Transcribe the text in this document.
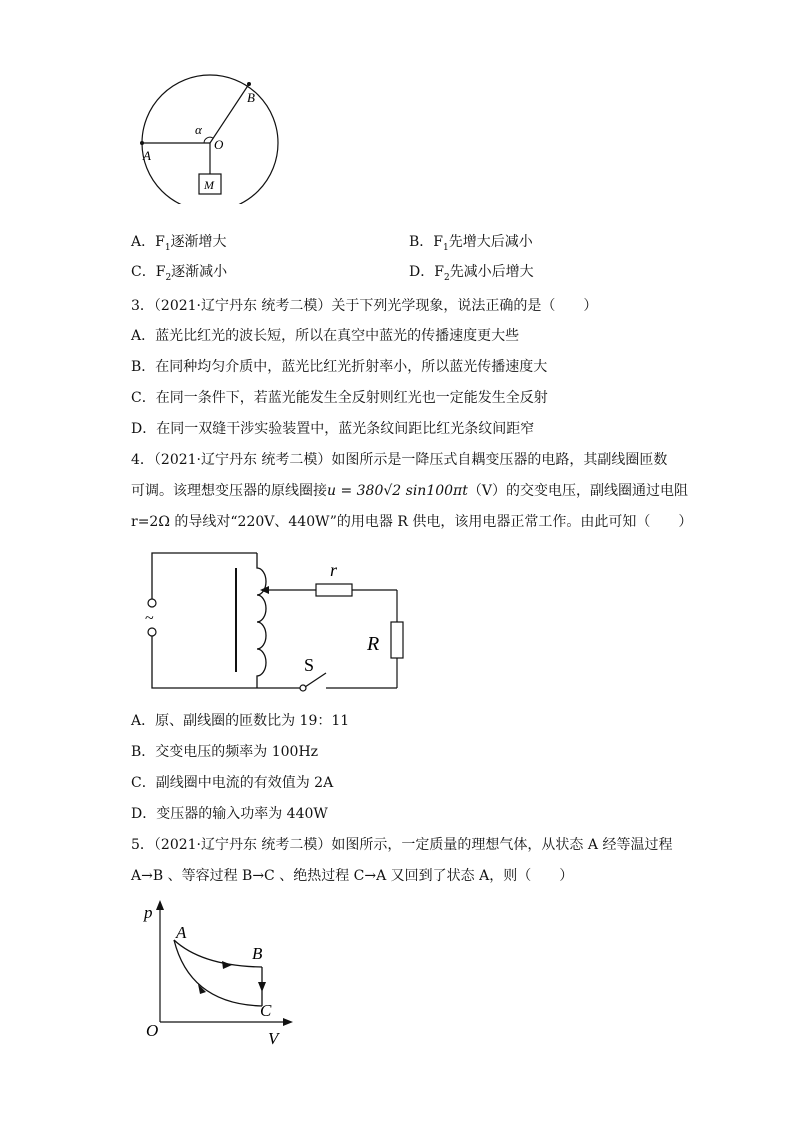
A
B
O
α
M
A．$F_1$逐渐增大	B．$F_1$先增大后减小
C．$F_2$逐渐减小	D．$F_2$先减小后增大
3．（2021·辽宁丹东 统考二模）关于下列光学现象，说法正确的是（　　）
A．蓝光比红光的波长短，所以在真空中蓝光的传播速度更大些
B．在同种均匀介质中，蓝光比红光折射率小，所以蓝光传播速度大
C．在同一条件下，若蓝光能发生全反射则红光也一定能发生全反射
D．在同一双缝干涉实验装置中，蓝光条纹间距比红光条纹间距窄
4．（2021·辽宁丹东 统考二模）如图所示是一降压式自耦变压器的电路，其副线圈匝数
可调。该理想变压器的原线圈接u = 380√2 sin100πt（V）的交变电压，副线圈通过电阻
r=2Ω 的导线对“220V、440W”的用电器 R 供电，该用电器正常工作。由此可知（　　）
~
r
R
S
A．原、副线圈的匝数比为 19：11
B．交变电压的频率为 100Hz
C．副线圈中电流的有效值为 2A
D．变压器的输入功率为 440W
5．（2021·辽宁丹东 统考二模）如图所示，一定质量的理想气体，从状态 A 经等温过程
A→B 、等容过程 B→C 、绝热过程 C→A 又回到了状态 A，则（　　）
p
V
O
A
B
C
